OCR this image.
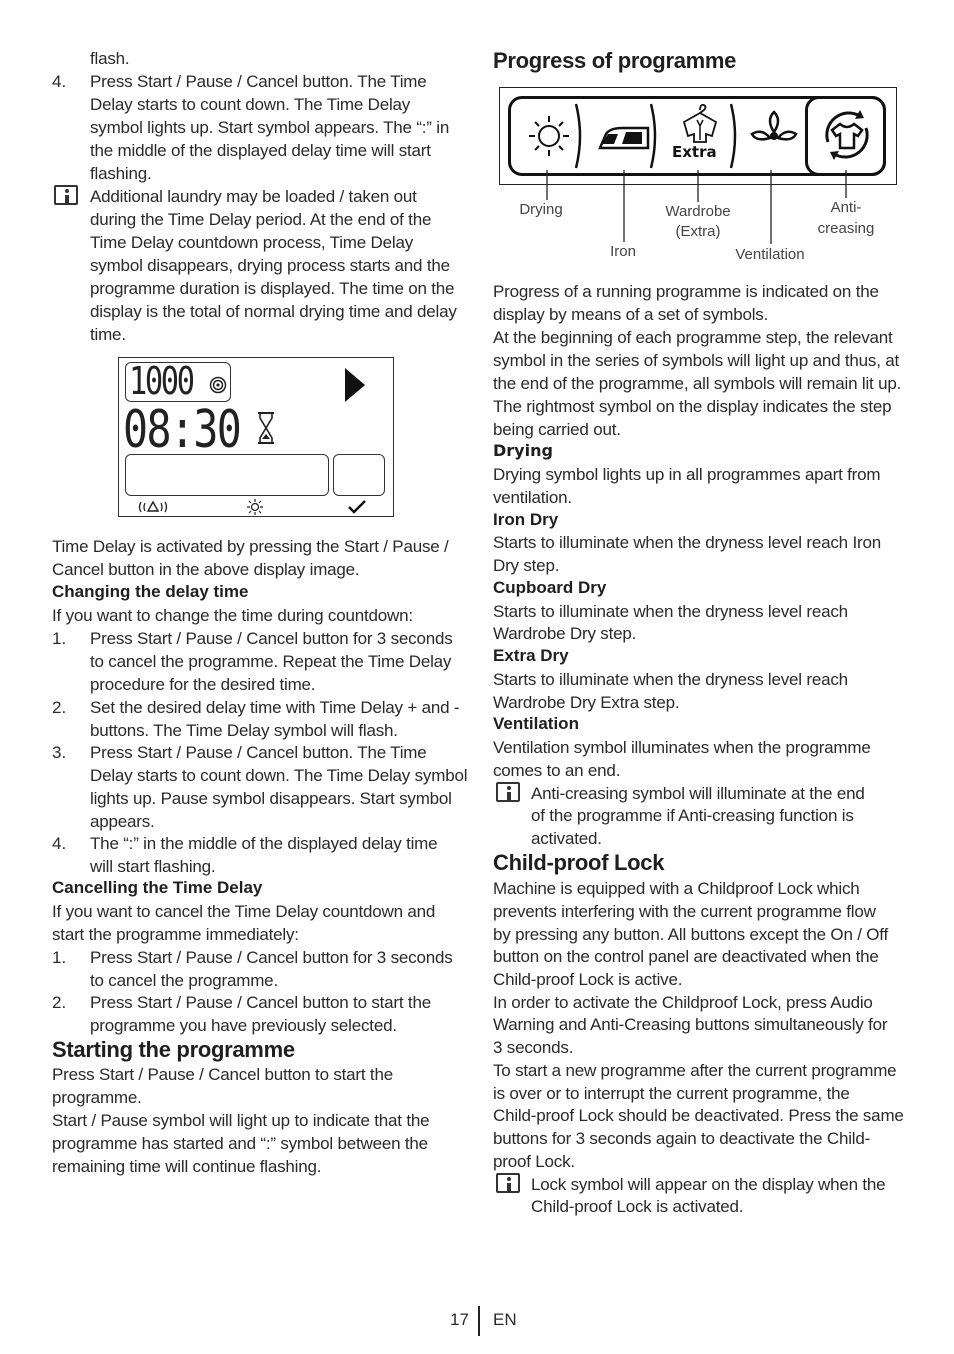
flash.

4. Press Start / Pause / Cancel button. The Time

Delay starts to count down. The Time Delay

symbol lights up. Start symbol appears. The “:” in

the middle of the displayed delay time will start

flashing.

Additional laundry may be loaded / taken out

during the Time Delay period. At the end of the

Time Delay countdown process, Time Delay

symbol disappears, drying process starts and the

programme duration is displayed. The time on the

display is the total of normal drying time and delay

time.

1000
08:30

Time Delay is activated by pressing the Start / Pause /

Cancel button in the above display image.

Changing the delay time

If you want to change the time during countdown:

1. Press Start / Pause / Cancel button for 3 seconds

to cancel the programme. Repeat the Time Delay

procedure for the desired time.

2. Set the desired delay time with Time Delay + and -

buttons. The Time Delay symbol will flash.

3. Press Start / Pause / Cancel button. The Time

Delay starts to count down. The Time Delay symbol

lights up. Pause symbol disappears. Start symbol

appears.

4. The “:” in the middle of the displayed delay time

will start flashing.

Cancelling the Time Delay

If you want to cancel the Time Delay countdown and

start the programme immediately:

1. Press Start / Pause / Cancel button for 3 seconds

to cancel the programme.

2. Press Start / Pause / Cancel button to start the

programme you have previously selected.

Starting the programme

Press Start / Pause / Cancel button to start the

programme.

Start / Pause symbol will light up to indicate that the

programme has started and “:” symbol between the

remaining time will continue flashing.

Progress of programme

Extra
Drying
Iron
Wardrobe
(Extra)
Ventilation
Anti-
creasing

Progress of a running programme is indicated on the

display by means of a set of symbols.

At the beginning of each programme step, the relevant

symbol in the series of symbols will light up and thus, at

the end of the programme, all symbols will remain lit up.

The rightmost symbol on the display indicates the step

being carried out.

Drying

Drying symbol lights up in all programmes apart from

ventilation.

Iron Dry

Starts to illuminate when the dryness level reach Iron

Dry step.

Cupboard Dry

Starts to illuminate when the dryness level reach

Wardrobe Dry step.

Extra Dry

Starts to illuminate when the dryness level reach

Wardrobe Dry Extra step.

Ventilation

Ventilation symbol illuminates when the programme

comes to an end.

Anti-creasing symbol will illuminate at the end

of the programme if Anti-creasing function is

activated.

Child-proof Lock

Machine is equipped with a Childproof Lock which

prevents interfering with the current programme flow

by pressing any button. All buttons except the On / Off

button on the control panel are deactivated when the

Child-proof Lock is active.

In order to activate the Childproof Lock, press Audio

Warning and Anti-Creasing buttons simultaneously for

3 seconds.

To start a new programme after the current programme

is over or to interrupt the current programme, the

Child-proof Lock should be deactivated. Press the same

buttons for 3 seconds again to deactivate the Child-

proof Lock.

Lock symbol will appear on the display when the

Child-proof Lock is activated.

17 EN
